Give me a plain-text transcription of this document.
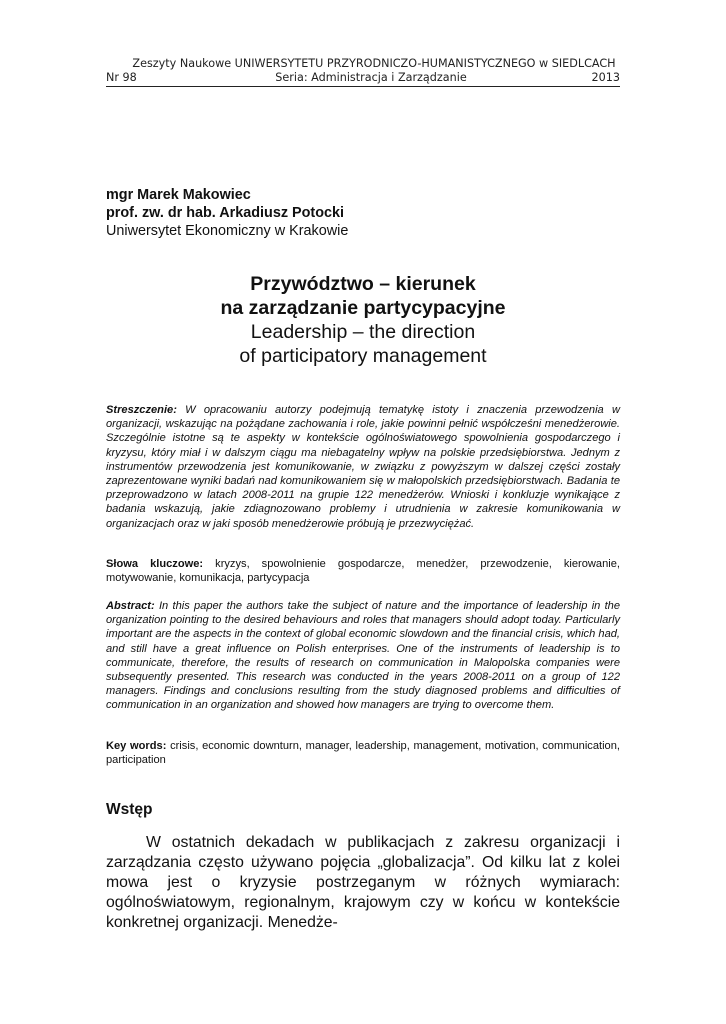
Zeszyty Naukowe UNIWERSYTETU PRZYRODNICZO-HUMANISTYCZNEGO w SIEDLCACH
Nr 98	Seria: Administracja i Zarządzanie	2013
mgr Marek Makowiec
prof. zw. dr hab. Arkadiusz Potocki
Uniwersytet Ekonomiczny w Krakowie
Przywództwo – kierunek
na zarządzanie partycypacyjne
Leadership – the direction
of participatory management
Streszczenie: W opracowaniu autorzy podejmują tematykę istoty i znaczenia przewodzenia w organizacji, wskazując na pożądane zachowania i role, jakie powinni pełnić współcześni menedżerowie. Szczególnie istotne są te aspekty w kontekście ogólnoświatowego spowolnienia gospodarczego i kryzysu, który miał i w dalszym ciągu ma niebagatelny wpływ na polskie przedsiębiorstwa. Jednym z instrumentów przewodzenia jest komunikowanie, w związku z powyższym w dalszej części zostały zaprezentowane wyniki badań nad komunikowaniem się w małopolskich przedsiębiorstwach. Badania te przeprowadzono w latach 2008-2011 na grupie 122 menedżerów. Wnioski i konkluzje wynikające z badania wskazują, jakie zdiagnozowano problemy i utrudnienia w zakresie komunikowania w organizacjach oraz w jaki sposób menedżerowie próbują je przezwyciężać.
Słowa kluczowe: kryzys, spowolnienie gospodarcze, menedżer, przewodzenie, kierowanie, motywowanie, komunikacja, partycypacja
Abstract: In this paper the authors take the subject of nature and the importance of leadership in the organization pointing to the desired behaviours and roles that managers should adopt today. Particularly important are the aspects in the context of global economic slowdown and the financial crisis, which had, and still have a great influence on Polish enterprises. One of the instruments of leadership is to communicate, therefore, the results of research on communication in Malopolska companies were subsequently presented. This research was conducted in the years 2008-2011 on a group of 122 managers. Findings and conclusions resulting from the study diagnosed problems and difficulties of communication in an organization and showed how managers are trying to overcome them.
Key words: crisis, economic downturn, manager, leadership, management, motivation, communication, participation
Wstęp
W ostatnich dekadach w publikacjach z zakresu organizacji i zarządzania często używano pojęcia „globalizacja”. Od kilku lat z kolei mowa jest o kryzysie postrzeganym w różnych wymiarach: ogólnoświatowym, regionalnym, krajowym czy w końcu w kontekście konkretnej organizacji. Menedże-
